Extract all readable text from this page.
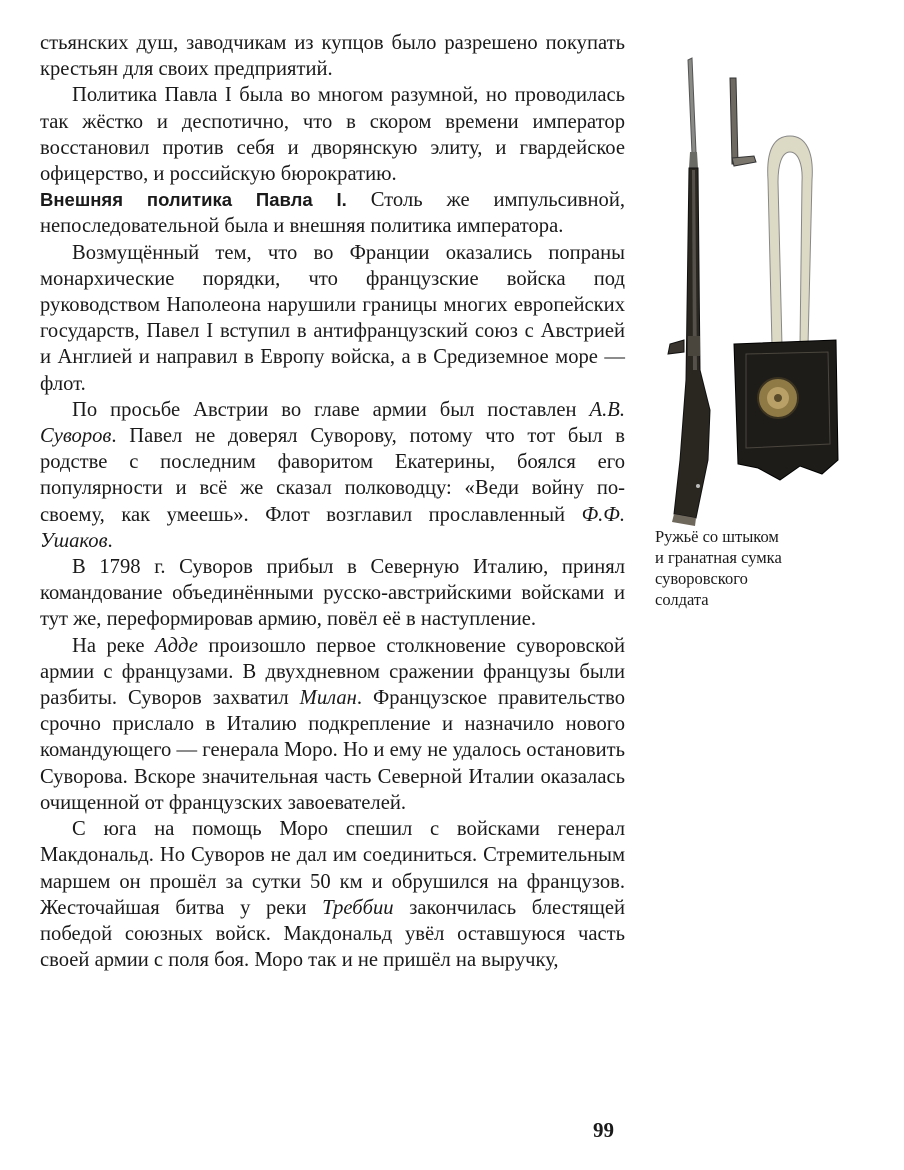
стьянских душ, заводчикам из купцов было разрешено покупать крестьян для своих предприятий.

Политика Павла I была во многом разумной, но проводилась так жёстко и деспотично, что в скором времени император восстановил против себя и дворянскую элиту, и гвардейское офицерство, и российскую бюрократию.

Внешняя политика Павла I. Столь же импульсивной, непоследовательной была и внешняя политика императора.

Возмущённый тем, что во Франции оказались попраны монархические порядки, что французские войска под руководством Наполеона нарушили границы многих европейских государств, Павел I вступил в антифранцузский союз с Австрией и Англией и направил в Европу войска, а в Средиземное море — флот.

По просьбе Австрии во главе армии был поставлен А.В. Суворов. Павел не доверял Суворову, потому что тот был в родстве с последним фаворитом Екатерины, боялся его популярности и всё же сказал полководцу: «Веди войну по-своему, как умеешь». Флот возглавил прославленный Ф.Ф. Ушаков.

В 1798 г. Суворов прибыл в Северную Италию, принял командование объединёнными русско-австрийскими войсками и тут же, переформировав армию, повёл её в наступление.

На реке Адде произошло первое столкновение суворовской армии с французами. В двухдневном сражении французы были разбиты. Суворов захватил Милан. Французское правительство срочно прислало в Италию подкрепление и назначило нового командующего — генерала Моро. Но и ему не удалось остановить Суворова. Вскоре значительная часть Северной Италии оказалась очищенной от французских завоевателей.

С юга на помощь Моро спешил с войсками генерал Макдональд. Но Суворов не дал им соединиться. Стремительным маршем он прошёл за сутки 50 км и обрушился на французов. Жесточайшая битва у реки Треббии закончилась блестящей победой союзных войск. Макдональд увёл оставшуюся часть своей армии с поля боя. Моро так и не пришёл на выручку,

Ружьё со штыком
и гранатная сумка
суворовского
солдата
99
